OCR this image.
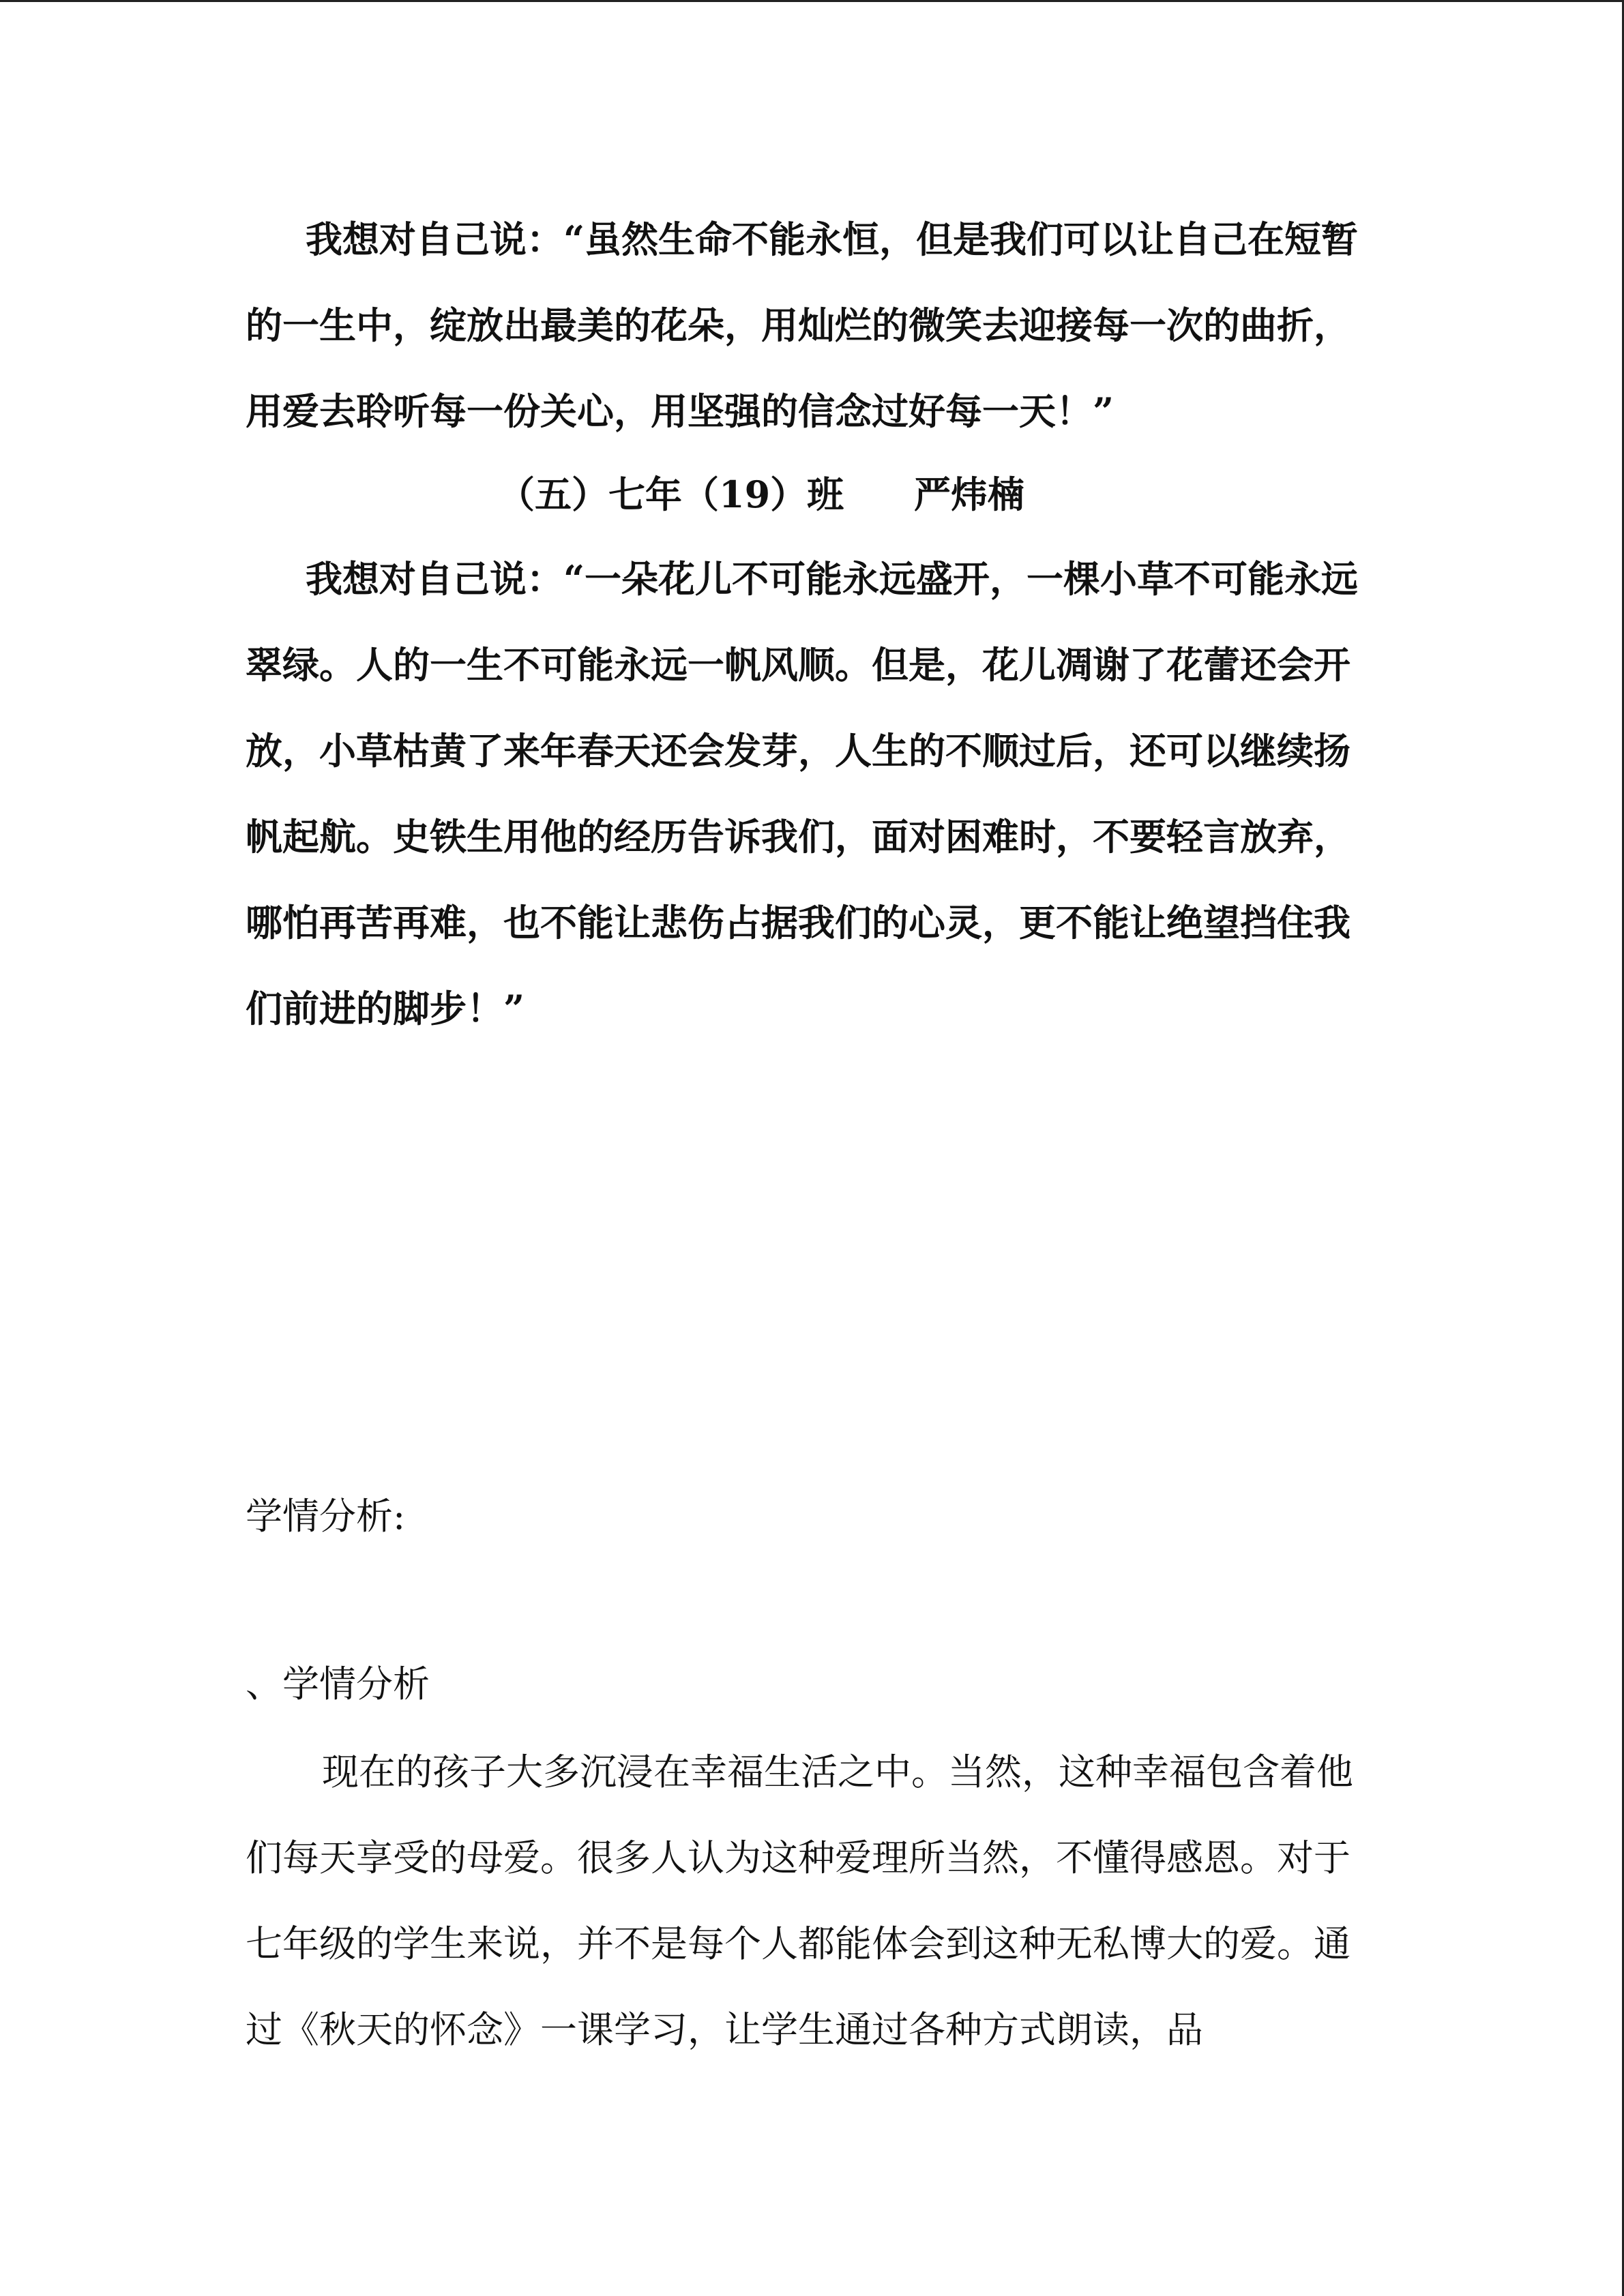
我想对自己说：“虽然生命不能永恒，但是我们可以让自己在短暂的一生中，绽放出最美的花朵，用灿烂的微笑去迎接每一次的曲折，用爱去聆听每一份关心，用坚强的信念过好每一天！”

（五）七年（19）班 严炜楠

我想对自己说：“一朵花儿不可能永远盛开，一棵小草不可能永远翠绿。人的一生不可能永远一帆风顺。但是，花儿凋谢了花蕾还会开放，小草枯黄了来年春天还会发芽，人生的不顺过后，还可以继续扬帆起航。史铁生用他的经历告诉我们，面对困难时，不要轻言放弃，哪怕再苦再难，也不能让悲伤占据我们的心灵，更不能让绝望挡住我们前进的脚步！”

学情分析:
、学情分析

现在的孩子大多沉浸在幸福生活之中。当然，这种幸福包含着他们每天享受的母爱。很多人认为这种爱理所当然，不懂得感恩。对于七年级的学生来说，并不是每个人都能体会到这种无私博大的爱。通过《秋天的怀念》一课学习，让学生通过各种方式朗读，品
